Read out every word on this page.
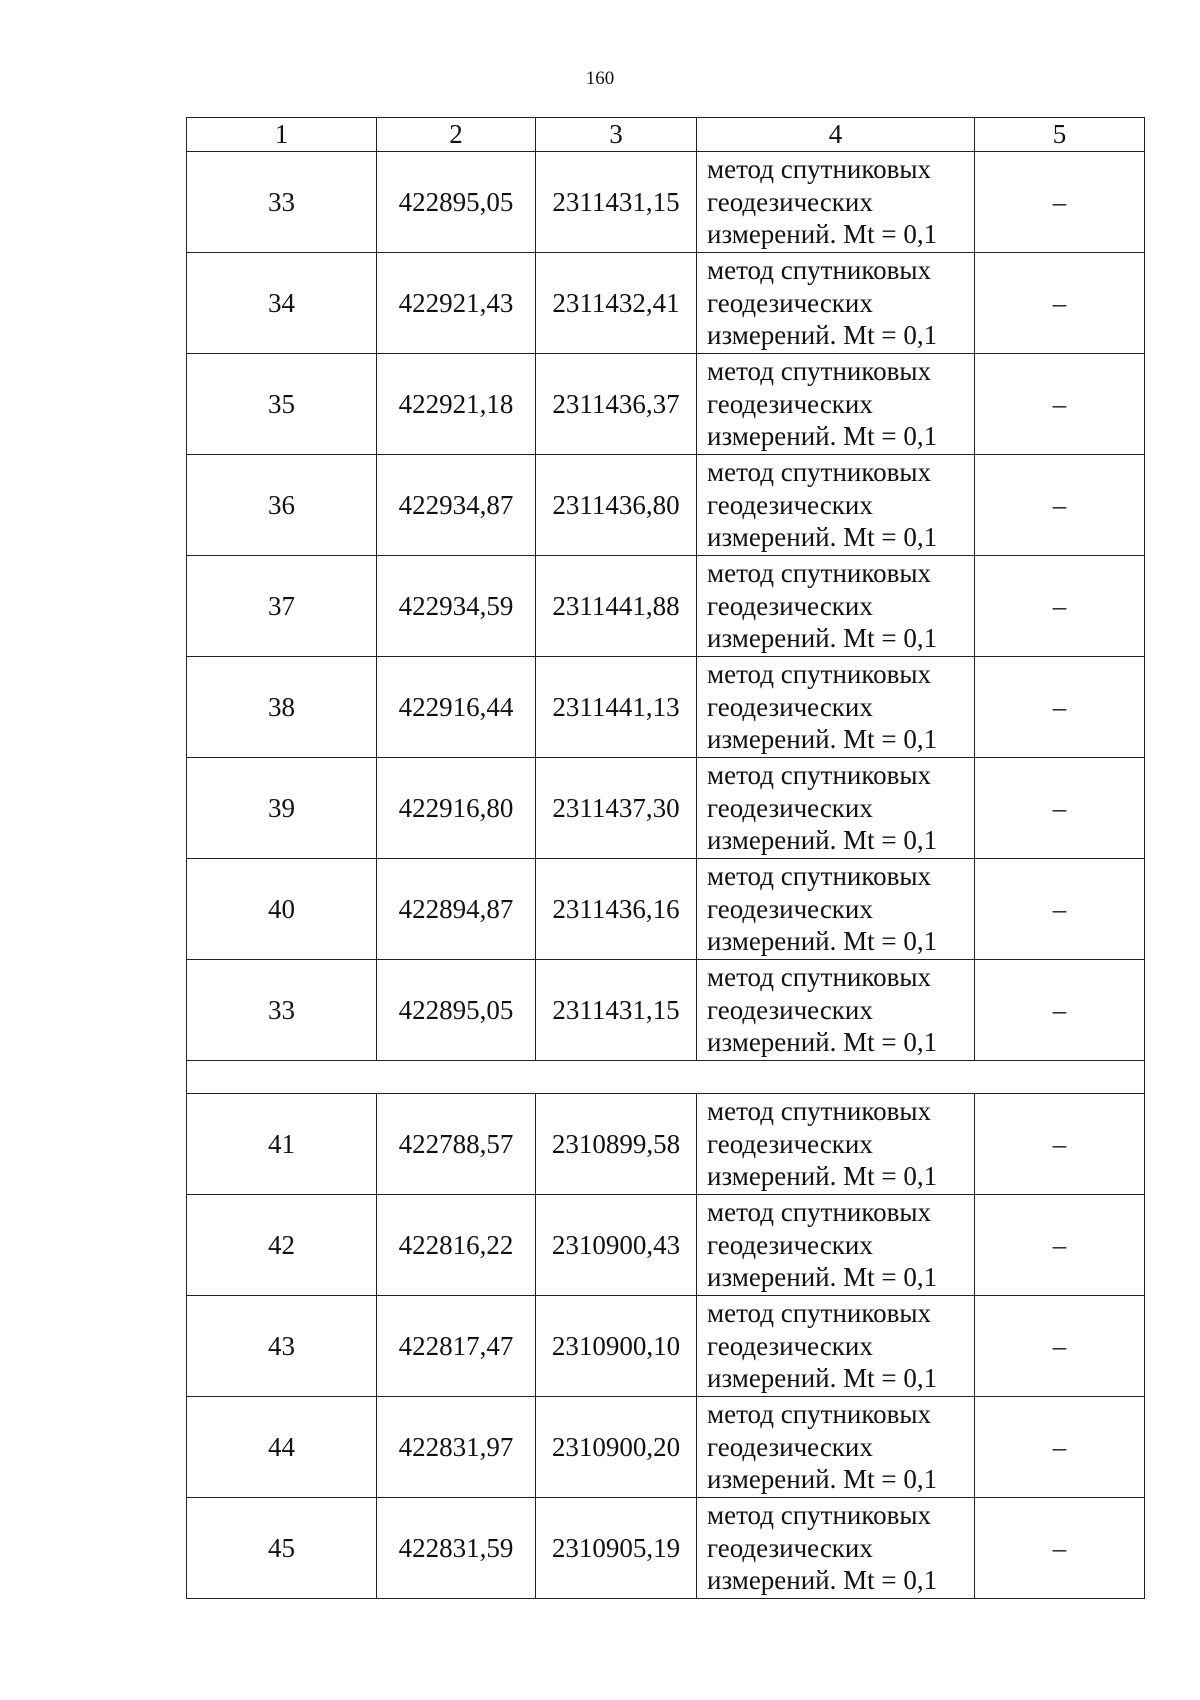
160
1	2	3	4	5
33	422895,05	2311431,15	метод спутниковых
геодезических
измерений. Mt = 0,1	–
34	422921,43	2311432,41	метод спутниковых
геодезических
измерений. Mt = 0,1	–
35	422921,18	2311436,37	метод спутниковых
геодезических
измерений. Mt = 0,1	–
36	422934,87	2311436,80	метод спутниковых
геодезических
измерений. Mt = 0,1	–
37	422934,59	2311441,88	метод спутниковых
геодезических
измерений. Mt = 0,1	–
38	422916,44	2311441,13	метод спутниковых
геодезических
измерений. Mt = 0,1	–
39	422916,80	2311437,30	метод спутниковых
геодезических
измерений. Mt = 0,1	–
40	422894,87	2311436,16	метод спутниковых
геодезических
измерений. Mt = 0,1	–
33	422895,05	2311431,15	метод спутниковых
геодезических
измерений. Mt = 0,1	–

41	422788,57	2310899,58	метод спутниковых
геодезических
измерений. Mt = 0,1	–
42	422816,22	2310900,43	метод спутниковых
геодезических
измерений. Mt = 0,1	–
43	422817,47	2310900,10	метод спутниковых
геодезических
измерений. Mt = 0,1	–
44	422831,97	2310900,20	метод спутниковых
геодезических
измерений. Mt = 0,1	–
45	422831,59	2310905,19	метод спутниковых
геодезических
измерений. Mt = 0,1	–
